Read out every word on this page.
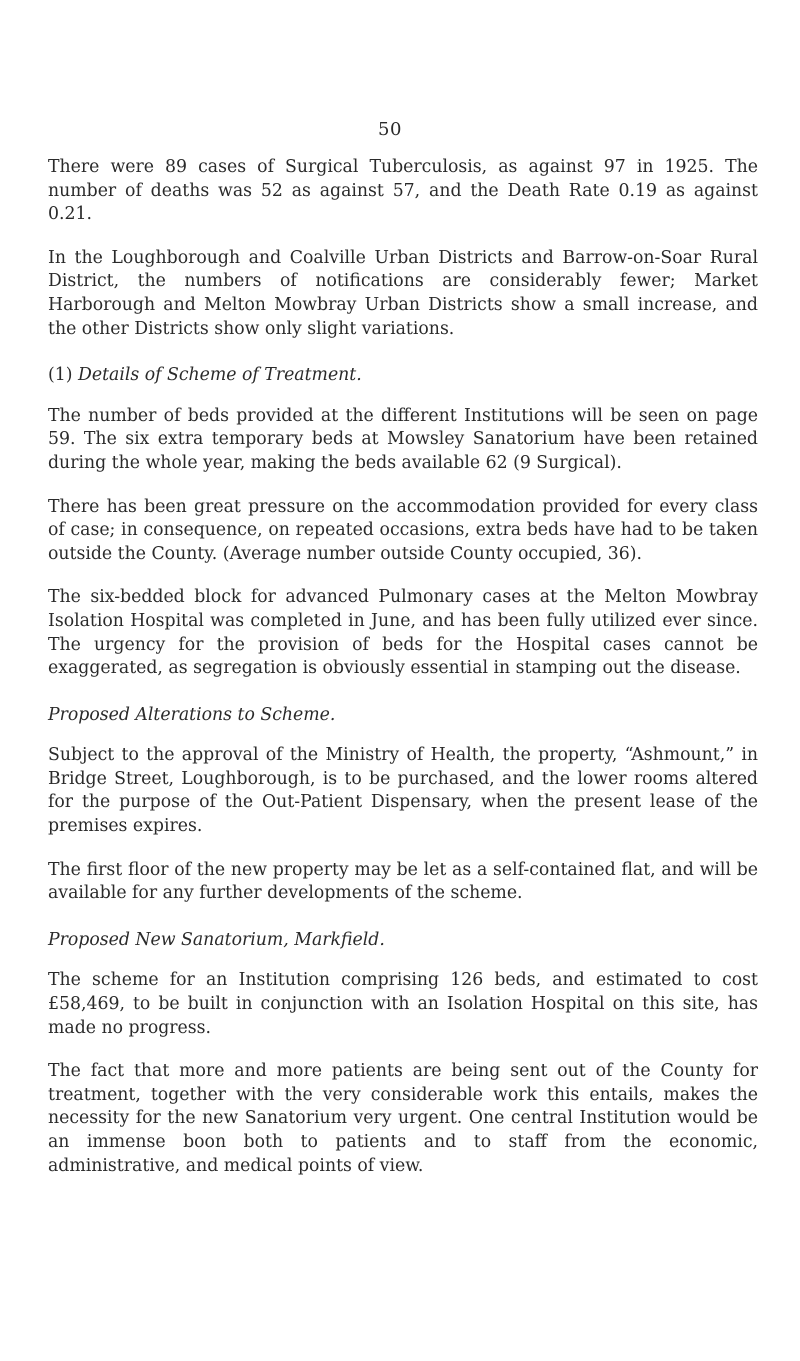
50

There were 89 cases of Surgical Tuberculosis, as against 97 in 1925. The number of deaths was 52 as against 57, and the Death Rate 0.19 as against 0.21.

In the Loughborough and Coalville Urban Districts and Barrow-on-Soar Rural District, the numbers of notifications are considerably fewer; Market Harborough and Melton Mowbray Urban Districts show a small increase, and the other Districts show only slight variations.

(1) Details of Scheme of Treatment.

The number of beds provided at the different Institutions will be seen on page 59. The six extra temporary beds at Mowsley Sanatorium have been retained during the whole year, making the beds available 62 (9 Surgical).

There has been great pressure on the accommodation provided for every class of case; in consequence, on repeated occasions, extra beds have had to be taken outside the County. (Average number outside County occupied, 36).

The six-bedded block for advanced Pulmonary cases at the Melton Mowbray Isolation Hospital was completed in June, and has been fully utilized ever since. The urgency for the provision of beds for the Hospital cases cannot be exaggerated, as segregation is obviously essential in stamping out the disease.

Proposed Alterations to Scheme.

Subject to the approval of the Ministry of Health, the property, “Ashmount,” in Bridge Street, Loughborough, is to be purchased, and the lower rooms altered for the purpose of the Out-Patient Dispensary, when the present lease of the premises expires.

The first floor of the new property may be let as a self-contained flat, and will be available for any further developments of the scheme.

Proposed New Sanatorium, Markfield.

The scheme for an Institution comprising 126 beds, and estimated to cost £58,469, to be built in conjunction with an Isolation Hospital on this site, has made no progress.

The fact that more and more patients are being sent out of the County for treatment, together with the very considerable work this entails, makes the necessity for the new Sanatorium very urgent. One central Institution would be an immense boon both to patients and to staff from the economic, administrative, and medical points of view.
